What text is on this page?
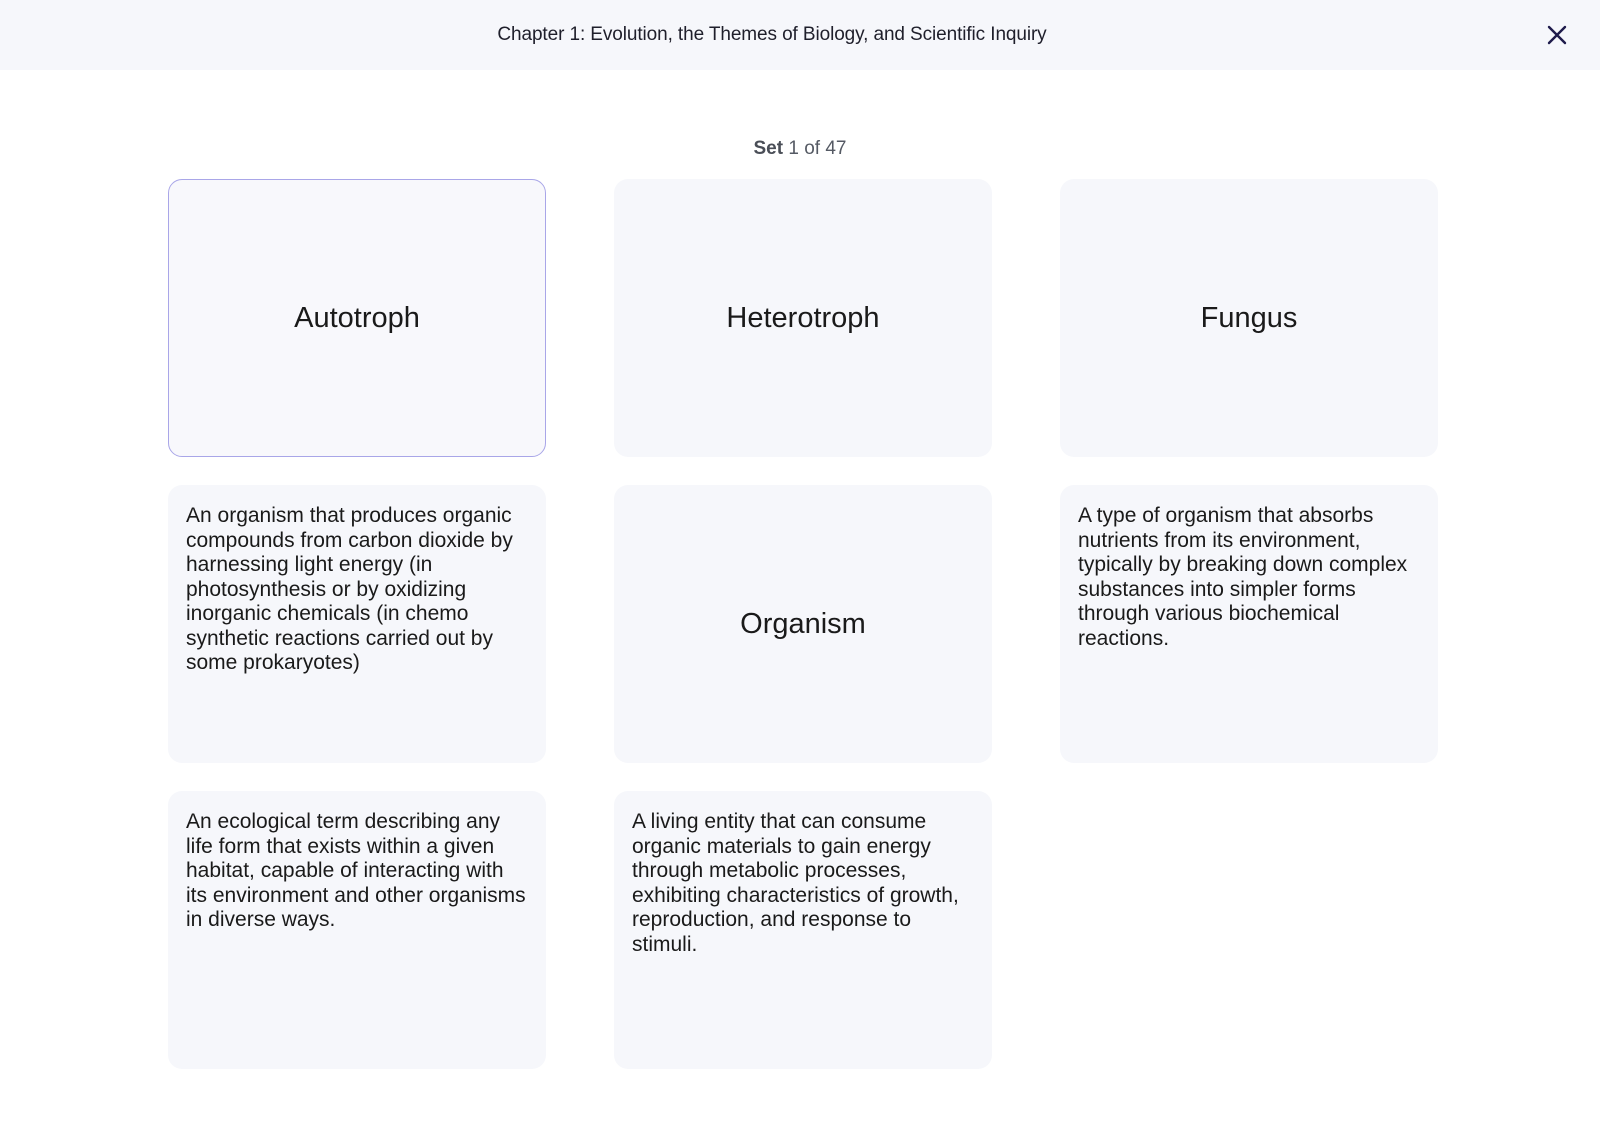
Chapter 1: Evolution, the Themes of Biology, and Scientific Inquiry
Set 1 of 47
Autotroph	Heterotroph	Fungus

An organism that produces organic compounds from carbon dioxide by harnessing light energy (in photosynthesis or by oxidizing inorganic chemicals (in chemo synthetic reactions carried out by some prokaryotes)

Organism

A type of organism that absorbs nutrients from its environment, typically by breaking down complex substances into simpler forms through various biochemical reactions.

An ecological term describing any life form that exists within a given habitat, capable of interacting with its environment and other organisms in diverse ways.

A living entity that can consume organic materials to gain energy through metabolic processes, exhibiting characteristics of growth, reproduction, and response to stimuli.
